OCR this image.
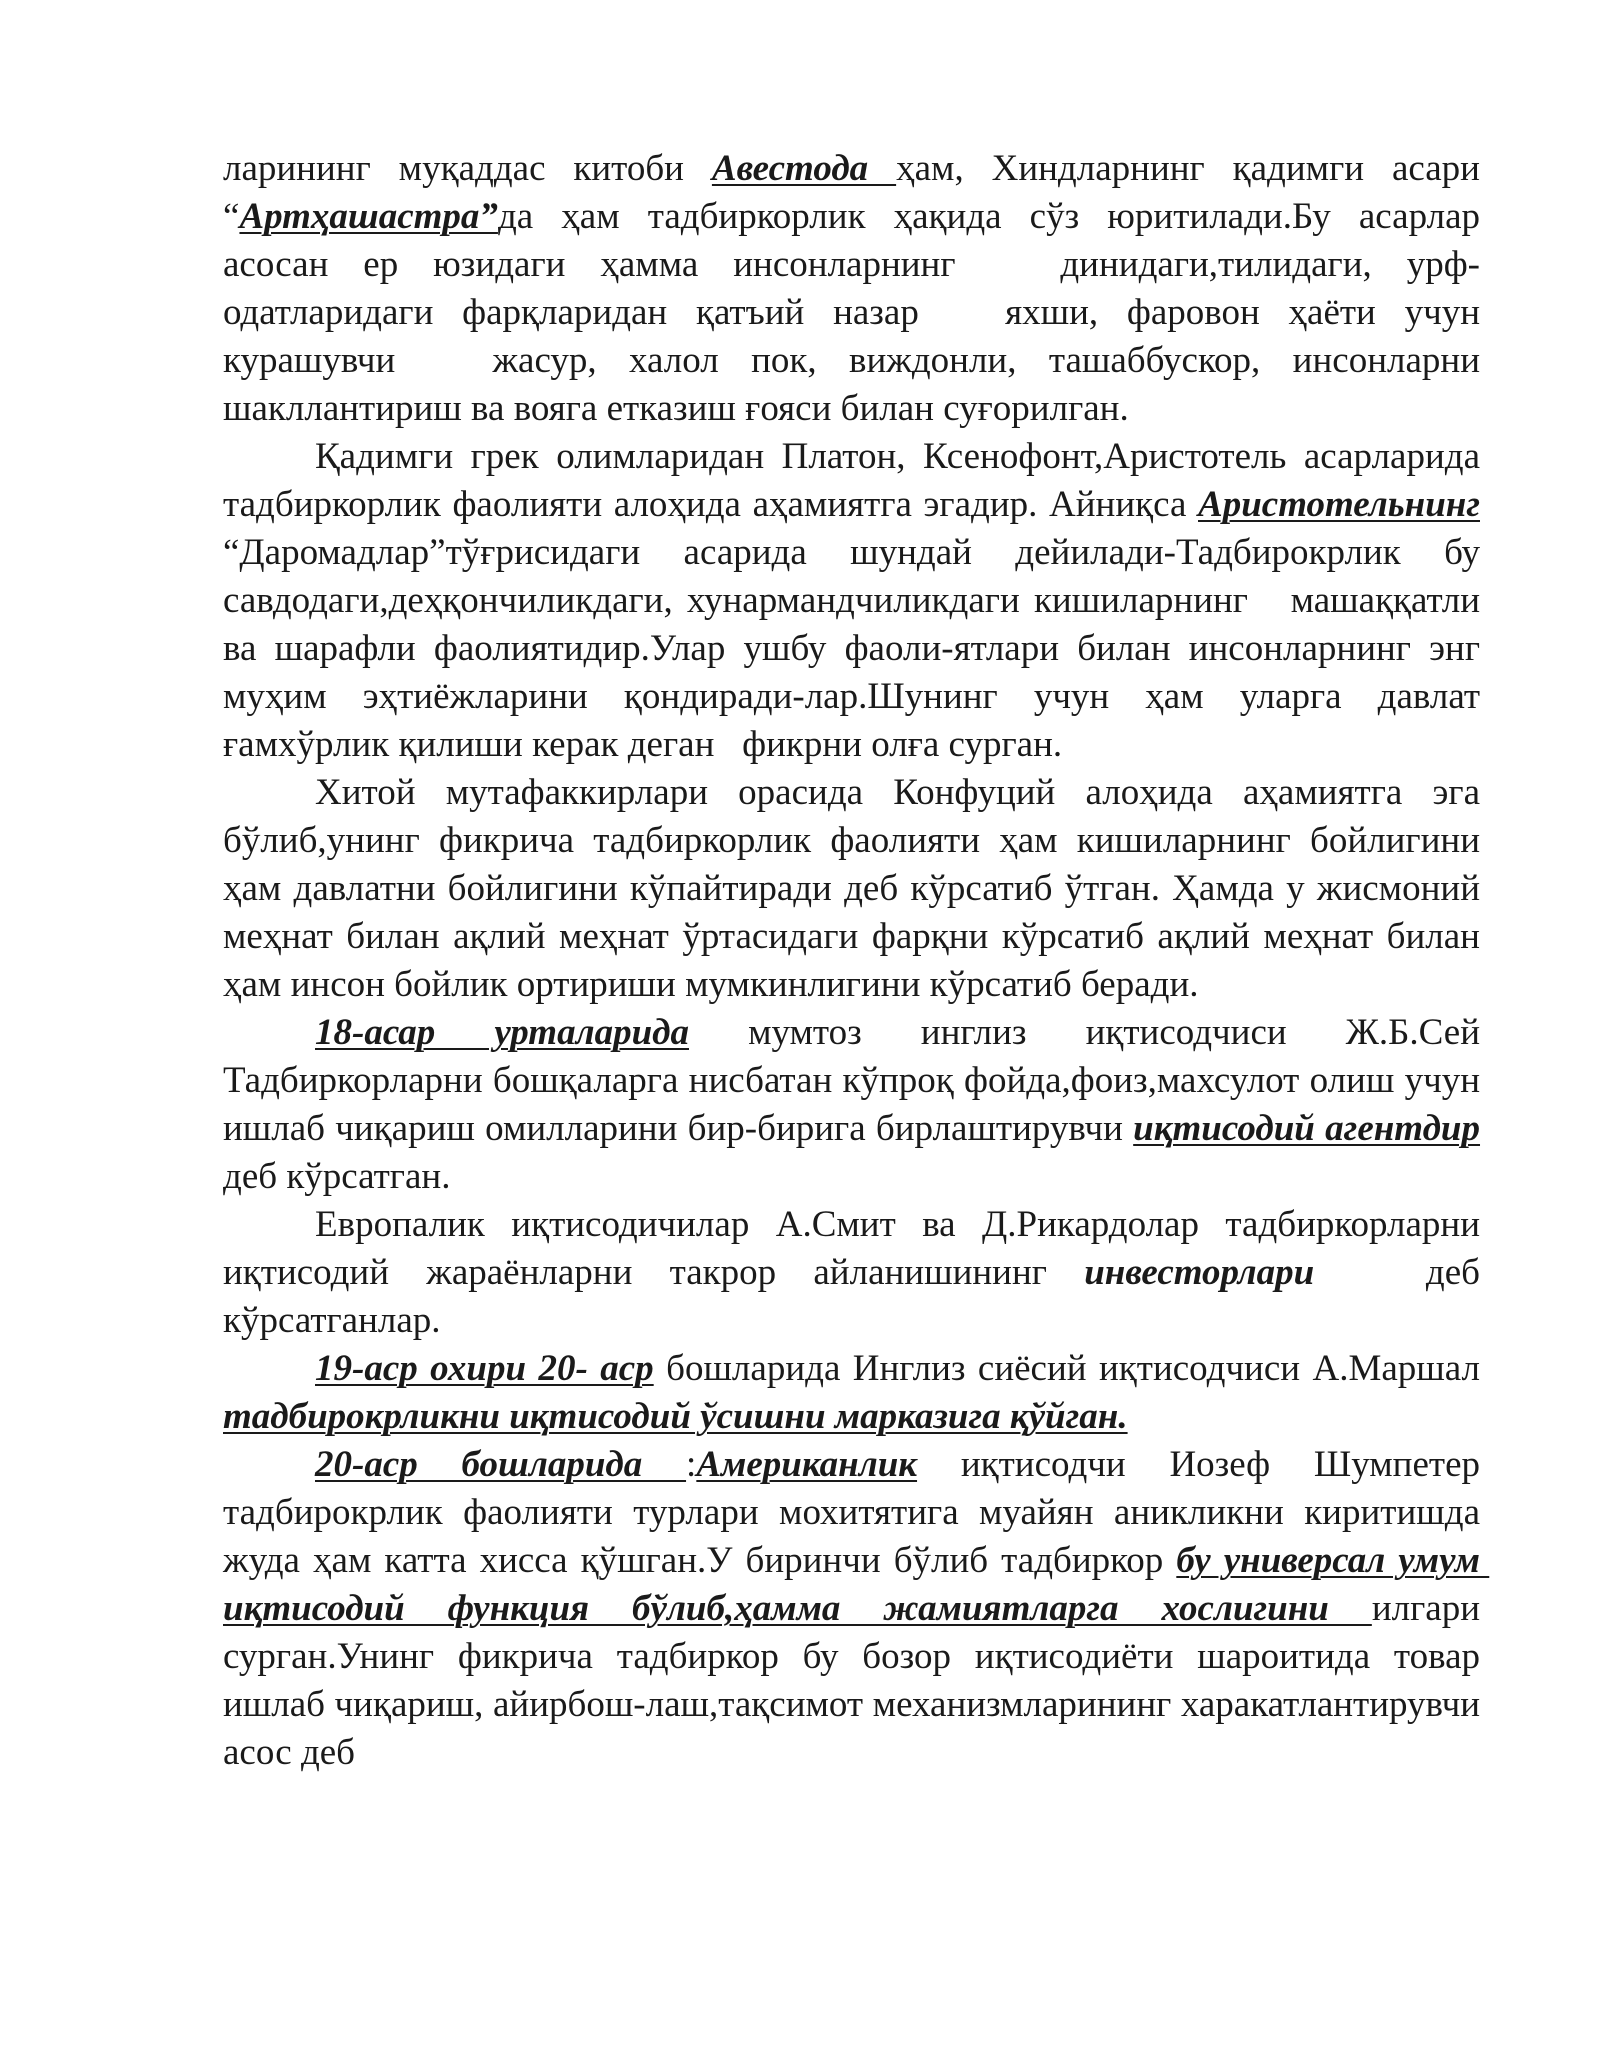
ларининг муқаддас китоби Авестода ҳам, Хиндларнинг қадимги асари “Артҳашастра”да ҳам тадбиркорлик ҳақида сўз юритилади.Бу асарлар асосан ер юзидаги ҳамма инсонларнинг   динидаги,тилидаги, урф-одатларидаги фарқларидан қатъий назар   яхши, фаровон ҳаёти учун курашувчи   жасур, халол пок, виждонли, ташаббускор, инсонларни шакллантириш ва вояга етказиш ғояси билан суғорилган.

Қадимги грек олимларидан Платон, Ксенофонт,Аристотель асарларида тадбиркорлик фаолияти алоҳида аҳамиятга эгадир. Айниқса Аристотельнинг “Даромадлар”тўғрисидаги асарида шундай дейилади-Тадбирокрлик бу савдодаги,деҳқончиликдаги, хунармандчиликдаги кишиларнинг   машаққатли ва шарафли фаолиятидир.Улар ушбу фаоли-ятлари билан инсонларнинг энг муҳим эҳтиёжларини қондиради-лар.Шунинг учун ҳам уларга давлат ғамхўрлик қилиши керак деган   фикрни олға сурган.

Хитой мутафаккирлари орасида Конфуций алоҳида аҳамиятга эга бўлиб,унинг фикрича тадбиркорлик фаолияти ҳам кишиларнинг бойлигини ҳам давлатни бойлигини кўпайтиради деб кўрсатиб ўтган. Ҳамда у жисмоний меҳнат билан ақлий меҳнат ўртасидаги фарқни кўрсатиб ақлий меҳнат билан ҳам инсон бойлик ортириши мумкинлигини кўрсатиб беради.

18-асар урталарида мумтоз инглиз иқтисодчиси Ж.Б.Сей Тадбиркорларни бошқаларга нисбатан кўпроқ фойда,фоиз,махсулот олиш учун ишлаб чиқариш омилларини бир-бирига бирлаштирувчи иқтисодий агентдир деб кўрсатган.

Европалик иқтисодичилар А.Смит ва Д.Рикардолар тадбиркорларни   иқтисодий жараёнларни такрор айланишининг инвесторлари   деб кўрсатганлар.

19-аср охири 20- аср бошларида Инглиз сиёсий иқтисодчиси А.Маршал тадбирокрликни иқтисодий ўсишни марказига қўйган.

20-аср бошларида :Американлик иқтисодчи Иозеф Шумпетер тадбирокрлик фаолияти турлари мохитятига муайян аникликни киритишда жуда ҳам катта хисса қўшган.У биринчи бўлиб тадбиркор бу универсал умум иқтисодий функция бўлиб,ҳамма жамиятларга хослигини илгари сурган.Унинг фикрича тадбиркор бу бозор иқтисодиёти шароитида товар ишлаб чиқариш, айирбош-лаш,тақсимот механизмларининг харакатлантирувчи асос деб
